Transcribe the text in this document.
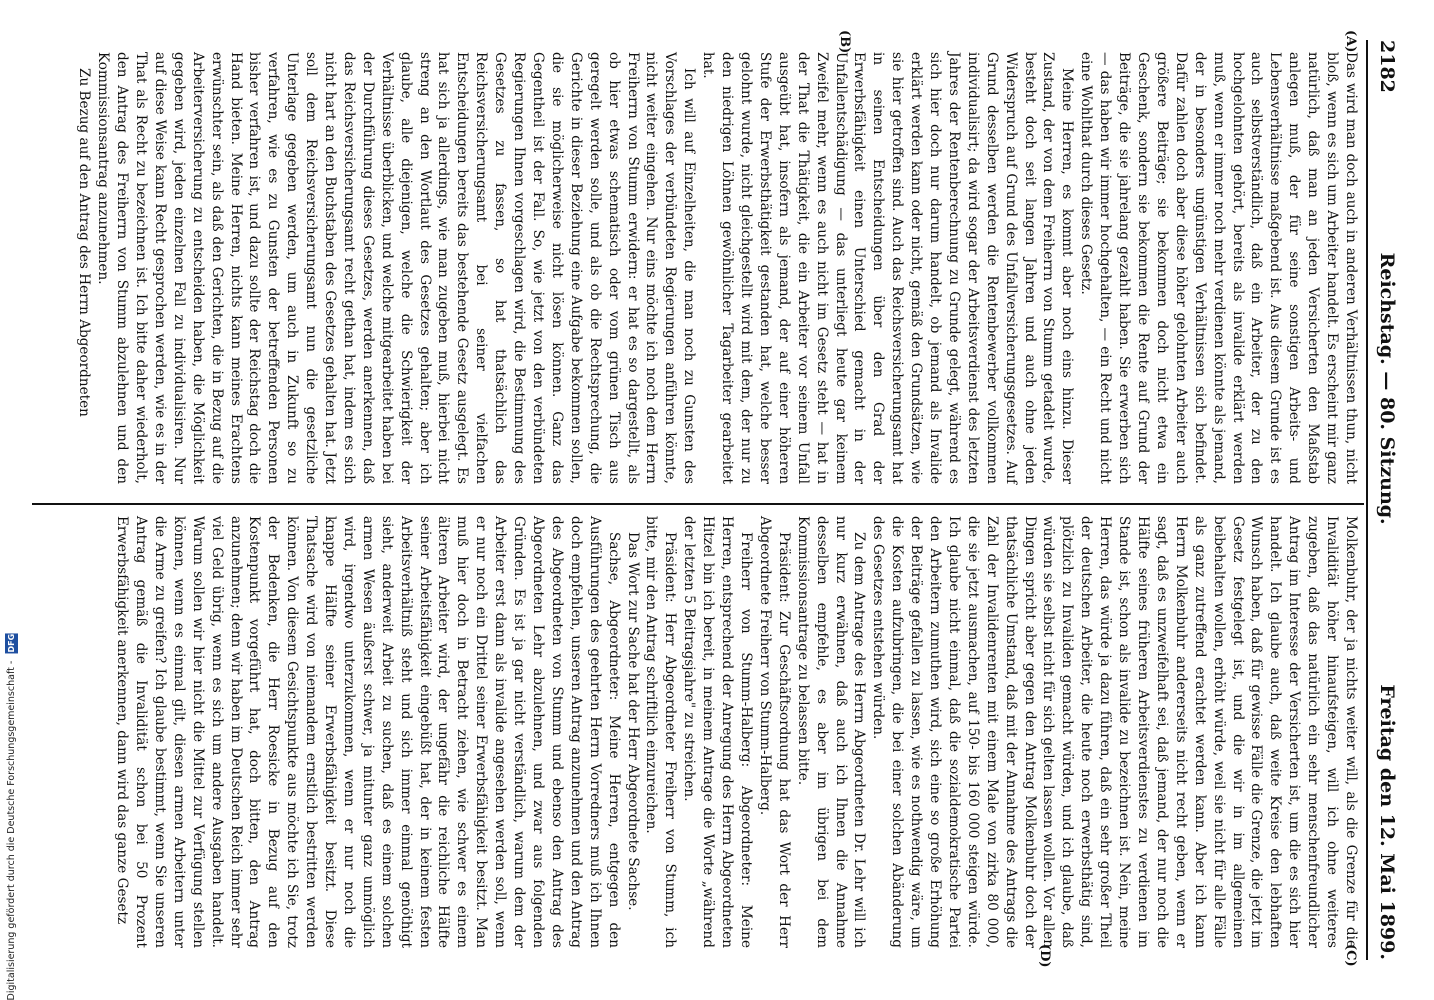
Digitalisierung gefördert durch die Deutsche Forschungsgemeinschaft - DFG
2182
Reichstag. — 80. Sitzung.
Freitag den 12. Mai 1899.
(A)
(B)
(C)
(D)

Das wird man doch auch in anderen Verhältnissen thun, nicht bloß, wenn es sich um Arbeiter handelt. Es erscheint mir ganz natürlich, daß man an jeden Versicherten den Maßstab anlegen muß, der für seine sonstigen Arbeits- und Lebensverhältnisse maßgebend ist. Aus diesem Grunde ist es auch selbstverständlich, daß ein Arbeiter, der zu den hochgelohnten gehört, bereits als invalide erklärt werden muß, wenn er immer noch mehr verdienen könnte als jemand, der in besonders ungünstigen Verhältnissen sich befindet. Dafür zahlen doch aber diese höher gelohnten Arbeiter auch größere Beiträge; sie bekommen doch nicht etwa ein Geschenk, sondern sie bekommen die Rente auf Grund der Beiträge, die sie jahrelang gezahlt haben. Sie erwerben sich — das haben wir immer hochgehalten, — ein Recht und nicht eine Wohlthat durch dieses Gesetz.

Meine Herren, es kommt aber noch eins hinzu. Dieser Zustand, der von dem Freiherrn von Stumm getadelt wurde, besteht doch seit langen Jahren und auch ohne jeden Widerspruch auf Grund des Unfallversicherungsgesetzes. Auf Grund desselben werden die Rentenbewerber vollkommen individualisirt; da wird sogar der Arbeitsverdienst des letzten Jahres der Rentenberechnung zu Grunde gelegt, während es sich hier doch nur darum handelt, ob jemand als Invalide erklärt werden kann oder nicht, gemäß den Grundsätzen, wie sie hier getroffen sind. Auch das Reichsversicherungsamt hat in seinen Entscheidungen über den Grad der Erwerbsfähigkeit einen Unterschied gemacht in der Unfallentschädigung — das unterliegt heute gar keinem Zweifel mehr, wenn es auch nicht im Gesetz steht — hat in der That die Thätigkeit, die ein Arbeiter vor seinem Unfall ausgeübt hat, insofern als jemand, der auf einer höheren Stufe der Erwerbsthätigkeit gestanden hat, welche besser gelohnt wurde, nicht gleichgestellt wird mit dem, der nur zu den niedrigen Löhnen gewöhnlicher Tagarbeiter gearbeitet hat.

Ich will auf Einzelheiten, die man noch zu Gunsten des Vorschlages der verbündeten Regierungen anführen könnte, nicht weiter eingehen. Nur eins möchte ich noch dem Herrn Freiherrn von Stumm erwidern: er hat es so dargestellt, als ob hier etwas schematisch oder vom grünen Tisch aus geregelt werden solle, und als ob die Rechtsprechung, die Gerichte in dieser Beziehung eine Aufgabe bekommen sollen, die sie möglicherweise nicht lösen können. Ganz das Gegentheil ist der Fall. So, wie jetzt von den verbündeten Regierungen Ihnen vorgeschlagen wird, die Bestimmung des Gesetzes zu fassen, so hat thatsächlich das Reichsversicherungsamt bei seiner vielfachen Entscheidungen bereits das bestehende Gesetz ausgelegt. Es hat sich ja allerdings, wie man zugeben muß, hierbei nicht streng an den Wortlaut des Gesetzes gehalten; aber ich glaube, alle diejenigen, welche die Schwierigkeit der Verhältnisse überblicken, und welche mitgearbeitet haben bei der Durchführung dieses Gesetzes, werden anerkennen, daß das Reichsversicherungsamt recht gethan hat, indem es sich nicht hart an den Buchstaben des Gesetzes gehalten hat. Jetzt soll dem Reichsversicherungsamt nun die gesetzliche Unterlage gegeben werden, um auch in Zukunft so zu verfahren, wie es zu Gunsten der betreffenden Personen bisher verfahren ist, und dazu sollte der Reichstag doch die Hand bieten. Meine Herren, nichts kann meines Erachtens erwünschter sein, als daß den Gerichten, die in Bezug auf die Arbeiterversicherung zu entscheiden haben, die Möglichkeit gegeben wird, jeden einzelnen Fall zu individualisiren. Nur auf diese Weise kann Recht gesprochen werden, wie es in der That als Recht zu bezeichnen ist. Ich bitte daher wiederholt, den Antrag des Freiherrn von Stumm abzulehnen und den Kommissionsantrag anzunehmen.

Zu Bezug auf den Antrag des Herrn Abgeordneten

Molkenbuhr, der ja nichts weiter will, als die Grenze für die Invalidität höher hinaufsteigen, will ich ohne weiteres zugeben, daß das natürlich ein sehr menschenfreundlicher Antrag im Interesse der Versicherten ist, um die es sich hier handelt. Ich glaube auch, daß weite Kreise den lebhaften Wunsch haben, daß für gewisse Fälle die Grenze, die jetzt im Gesetz festgelegt ist, und die wir in im allgemeinen beibehalten wollen, erhöht würde, weil sie nicht für alle Fälle als ganz zutreffend erachtet werden kann. Aber ich kann Herrn Molkenbuhr andererseits nicht recht geben, wenn er sagt, daß es unzweifelhaft sei, daß jemand, der nur noch die Hälfte seines früheren Arbeitsverdienstes zu verdienen im Stande ist, schon als invalide zu bezeichnen ist. Nein, meine Herren, das würde ja dazu führen, daß ein sehr großer Theil der deutschen Arbeiter, die heute noch erwerbsthätig sind, plötzlich zu Invaliden gemacht würden, und ich glaube, daß würden sie selbst nicht für sich gelten lassen wollen. Vor allen Dingen spricht aber gegen den Antrag Molkenbuhr doch der thatsächliche Umstand, daß mit der Annahme des Antrags die Zahl der Invalidenrenten mit einem Male von zirka 80 000, die sie jetzt ausmachen, auf 150- bis 160 000 steigen würde. Ich glaube nicht einmal, daß die sozialdemokratische Partei den Arbeitern zumuthen wird, sich eine so große Erhöhung der Beiträge gefallen zu lassen, wie es nothwendig wäre, um die Kosten aufzubringen, die bei einer solchen Abänderung des Gesetzes entstehen würden.

Zu dem Antrage des Herrn Abgeordneten Dr. Lehr will ich nur kurz erwähnen, daß auch ich Ihnen die Annahme desselben empfehle, es aber im übrigen bei dem Kommissionsantrage zu belassen bitte.

Präsident: Zur Geschäftsordnung hat das Wort der Herr Abgeordnete Freiherr von Stumm-Halberg.

Freiherr von Stumm-Halberg: Abgeordneter: Meine Herren, entsprechend der Anregung des Herrn Abgeordneten Hitzel bin ich bereit, in meinem Antrage die Worte „während der letzten 5 Beitragsjahre" zu streichen.

Präsident: Herr Abgeordneter Freiherr von Stumm, ich bitte, mir den Antrag schriftlich einzureichen.

Das Wort zur Sache hat der Herr Abgeordnete Sachse.

Sachse, Abgeordneter: Meine Herren, entgegen den Ausführungen des geehrten Herrn Vorredners muß ich Ihnen doch empfehlen, unseren Antrag anzunehmen und den Antrag des Abgeordneten von Stumm und ebenso den Antrag des Abgeordneten Lehr abzulehnen, und zwar aus folgenden Gründen. Es ist ja gar nicht verständlich, warum dem der Arbeiter erst dann als invalide angesehen werden soll, wenn er nur noch ein Drittel seiner Erwerbsfähigkeit besitzt. Man muß hier doch in Betracht ziehen, wie schwer es einem älteren Arbeiter wird, der ungefähr die reichliche Hälfte seiner Arbeitsfähigkeit eingebüßt hat, der in keinem festen Arbeitsverhältniß steht und sich immer einmal genöthigt sieht, anderweit Arbeit zu suchen, daß es einem solchen armen Wesen äußerst schwer, ja mitunter ganz unmöglich wird, irgendwo unterzukommen, wenn er nur noch die knappe Hälfte seiner Erwerbsfähigkeit besitzt. Diese Thatsache wird von niemandem ernstlich bestritten werden können. Von diesem Gesichtspunkte aus möchte ich Sie, trotz der Bedenken, die Herr Roesicke in Bezug auf den Kostenpunkt vorgeführt hat, doch bitten, den Antrag anzunehmen; denn wir haben im Deutschen Reich immer sehr viel Geld übrig, wenn es sich um andere Ausgaben handelt. Warum sollen wir hier nicht die Mittel zur Verfügung stellen können, wenn es einmal gilt, diesen armen Arbeitern unter die Arme zu greifen? Ich glaube bestimmt, wenn Sie unseren Antrag gemäß die Invalidität schon bei 50 Prozent Erwerbsfähigkeit anerkennen, dann wird das ganze Gesetz
